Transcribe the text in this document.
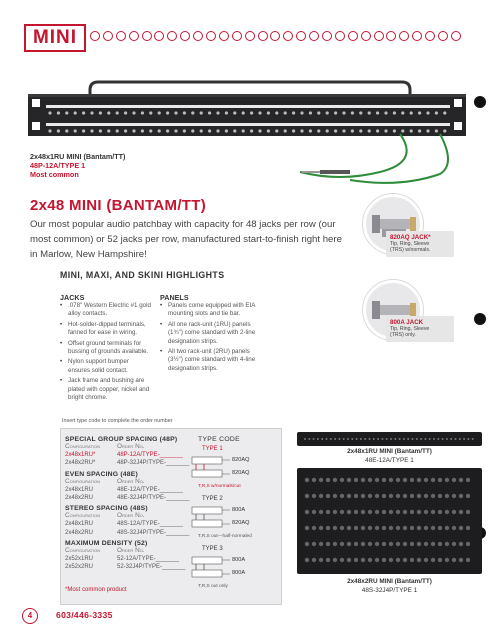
MINI
2x48x1RU MINI (Bantam/TT)
48P-12A/TYPE 1
Most common
2x48 MINI (BANTAM/TT)
Our most popular audio patchbay with capacity for 48 jacks per row (our most common) or 52 jacks per row, manufactured start-to-finish right here in Marlow, New Hampshire!
MINI, MAXI, AND SKINI HIGHLIGHTS
JACKS
• .078" Western Electric #1 gold alloy contacts.
• Hot-solder-dipped terminals, fanned for ease in wiring.
• Offset ground terminals for bussing of grounds available.
• Nylon support bumper ensures solid contact.
• Jack frame and bushing are plated with copper, nickel and bright chrome.
PANELS
• Panels come equipped with EIA mounting slots and tie bar.
• All one rack-unit (1RU) panels (1¾") come standard with 2-line designation strips.
• All two rack-unit (2RU) panels (3½") come standard with 4-line designation strips.
820AQ JACK*
Tip, Ring, Sleeve
(TRS) w/normals.
800A JACK
Tip, Ring, Sleeve
(TRS) only.
Insert type code to complete the order number
SPECIAL GROUP SPACING (48P)
Configuration	Order No.
2x48x1RU*	48P-12A/TYPE-_______
2x48x2RU*	48P-32J4P/TYPE-_______
EVEN SPACING (48E)
Configuration	Order No.
2x48x1RU	48E-12A/TYPE-_______
2x48x2RU	48E-32J4P/TYPE-_______
STEREO SPACING (48S)
Configuration	Order No.
2x48x1RU	48S-12A/TYPE-_______
2x48x2RU	48S-32J4P/TYPE-_______
MAXIMUM DENSITY (52)
Configuration	Order No.
2x52x1RU	52-12A/TYPE-_______
2x52x2RU	52-32J4P/TYPE-_______
*Most common product
TYPE CODE
TYPE 1
820AQ
820AQ
T,R,S w/normals/cut
TYPE 2
800A
820AQ
T,R,S out—half-normaled
TYPE 3
800A
800A
T,R,S out only
2x48x1RU MINI (Bantam/TT)
48E-12A/TYPE 1
2x48x2RU MINI (Bantam/TT)
48S-32J4P/TYPE 1
4	603/446-3335
